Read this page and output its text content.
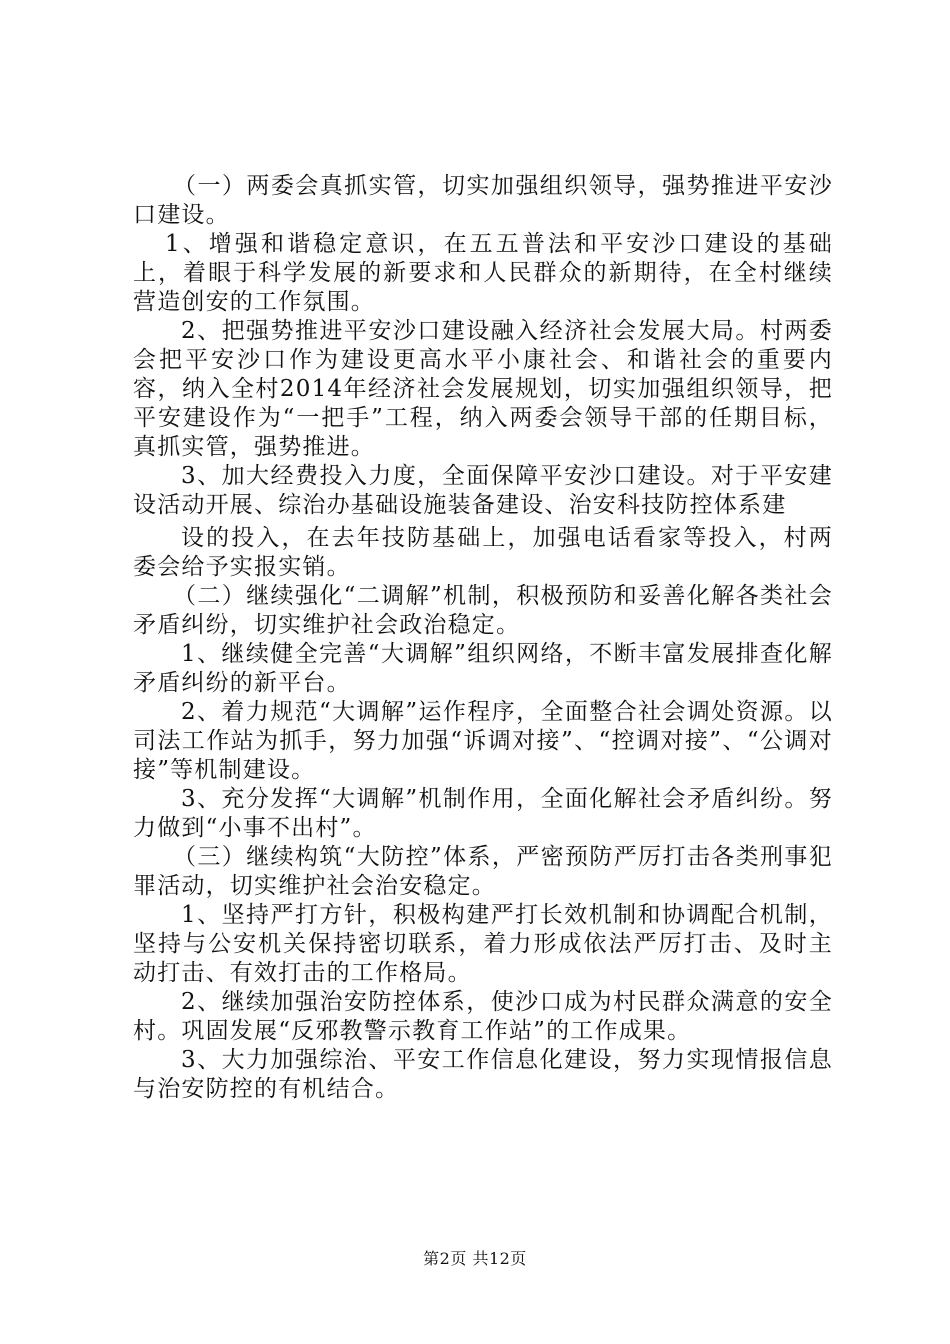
（一）两委会真抓实管，切实加强组织领导，强势推进平安沙口建设。

1、增强和谐稳定意识，在五五普法和平安沙口建设的基础上，着眼于科学发展的新要求和人民群众的新期待，在全村继续营造创安的工作氛围。

2、把强势推进平安沙口建设融入经济社会发展大局。村两委会把平安沙口作为建设更高水平小康社会、和谐社会的重要内容，纳入全村2014年经济社会发展规划，切实加强组织领导，把平安建设作为“一把手”工程，纳入两委会领导干部的任期目标，真抓实管，强势推进。

3、加大经费投入力度，全面保障平安沙口建设。对于平安建设活动开展、综治办基础设施装备建设、治安科技防控体系建

设的投入，在去年技防基础上，加强电话看家等投入，村两委会给予实报实销。

（二）继续强化“二调解”机制，积极预防和妥善化解各类社会矛盾纠纷，切实维护社会政治稳定。

1、继续健全完善“大调解”组织网络，不断丰富发展排查化解矛盾纠纷的新平台。

2、着力规范“大调解”运作程序，全面整合社会调处资源。以司法工作站为抓手，努力加强“诉调对接”、“控调对接”、“公调对接”等机制建设。

3、充分发挥“大调解”机制作用，全面化解社会矛盾纠纷。努力做到“小事不出村”。

（三）继续构筑“大防控”体系，严密预防严厉打击各类刑事犯罪活动，切实维护社会治安稳定。

1、坚持严打方针，积极构建严打长效机制和协调配合机制，坚持与公安机关保持密切联系，着力形成依法严厉打击、及时主动打击、有效打击的工作格局。

2、继续加强治安防控体系，使沙口成为村民群众满意的安全村。巩固发展“反邪教警示教育工作站”的工作成果。

3、大力加强综治、平安工作信息化建设，努力实现情报信息与治安防控的有机结合。

第2页 共12页
